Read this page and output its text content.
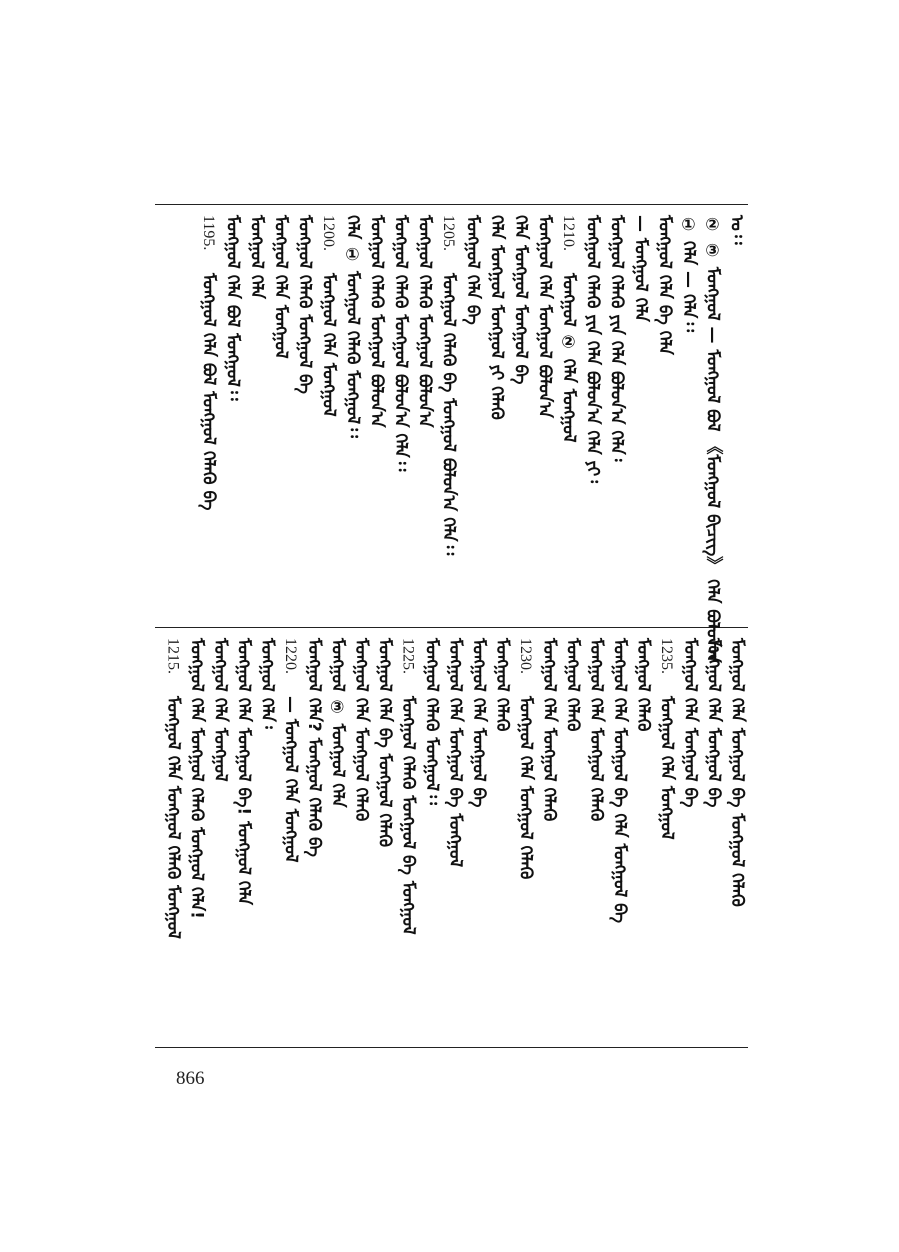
ᠣ᠄᠄
② ③ ᠮᠣᠩᠭᠣᠯ — ᠮᠣᠩᠭᠣᠯ ᠪᠣᠯ 《ᠮᠣᠩᠭᠣᠯ ᠪᠢᠴᠢᠭ》 ᠬᠡᠯᠡ ᠪᠣᠯᠤᠨ᠎ᠠ
① ᠬᠡᠯᠡ — ᠬᠡᠯᠡ᠄᠄
ᠮᠣᠩᠭᠣᠯ ᠬᠡᠯᠡ ᠪᠡ ᠬᠡᠯᠡ
— ᠮᠣᠩᠭᠣᠯ ᠬᠡᠯᠡ
ᠮᠣᠩᠭᠣᠯ ᠬᠡᠯᠡᠬᠦ ᠶᠢᠨ ᠬᠡᠯᠡ ᠪᠣᠯᠤᠨ᠎ᠠ ᠬᠡᠯᠡ᠄
ᠮᠣᠩᠭᠣᠯ ᠬᠡᠯᠡᠬᠦ ᠶᠢᠨ ᠬᠡᠯᠡ ᠪᠣᠯᠤᠨ᠎ᠠ ᠬᠡᠯᠡ ᠶᠢ᠄
1210.
ᠮᠣᠩᠭᠣᠯ ② ᠬᠡᠯᠡ ᠮᠣᠩᠭᠣᠯ
ᠮᠣᠩᠭᠣᠯ ᠬᠡᠯᠡ ᠮᠣᠩᠭᠣᠯ ᠪᠣᠯᠤᠨ᠎ᠠ
ᠬᠡᠯᠡ ᠮᠣᠩᠭᠣᠯ ᠮᠣᠩᠭᠣᠯ ᠪᠡ
ᠬᠡᠯᠡ ᠮᠣᠩᠭᠣᠯ ᠮᠣᠩᠭᠣᠯ ᠶᠢ ᠬᠡᠯᠡᠬᠦ
ᠮᠣᠩᠭᠣᠯ ᠬᠡᠯᠡ ᠪᠡ
1205.
ᠮᠣᠩᠭᠣᠯ ᠬᠡᠯᠡᠬᠦ ᠪᠡ ᠮᠣᠩᠭᠣᠯ ᠪᠣᠯᠤᠨ᠎ᠠ ᠬᠡᠯᠡ᠄᠄
ᠮᠣᠩᠭᠣᠯ ᠬᠡᠯᠡᠬᠦ ᠮᠣᠩᠭᠣᠯ ᠪᠣᠯᠤᠨ᠎ᠠ
ᠮᠣᠩᠭᠣᠯ ᠬᠡᠯᠡᠬᠦ ᠮᠣᠩᠭᠣᠯ ᠪᠣᠯᠤᠨ᠎ᠠ ᠬᠡᠯᠡ᠄᠄
ᠮᠣᠩᠭᠣᠯ ᠬᠡᠯᠡᠬᠦ ᠮᠣᠩᠭᠣᠯ ᠪᠣᠯᠤᠨ᠎ᠠ
ᠬᠡᠯᠡ ① ᠮᠣᠩᠭᠣᠯ ᠬᠡᠯᠡᠬᠦ ᠮᠣᠩᠭᠣᠯ᠄᠄
1200.
ᠮᠣᠩᠭᠣᠯ ᠬᠡᠯᠡ ᠮᠣᠩᠭᠣᠯ
ᠮᠣᠩᠭᠣᠯ ᠬᠡᠯᠡᠬᠦ ᠮᠣᠩᠭᠣᠯ ᠪᠡ
ᠮᠣᠩᠭᠣᠯ ᠬᠡᠯᠡ ᠮᠣᠩᠭᠣᠯ
ᠮᠣᠩᠭᠣᠯ ᠬᠡᠯᠡ
ᠮᠣᠩᠭᠣᠯ ᠬᠡᠯᠡ ᠪᠣᠯ ᠮᠣᠩᠭᠣᠯ᠄᠄
1195.
ᠮᠣᠩᠭᠣᠯ ᠬᠡᠯᠡ ᠪᠣᠯ ᠮᠣᠩᠭᠣᠯ ᠬᠡᠯᠡᠬᠦ ᠪᠡ
ᠮᠣᠩᠭᠣᠯ ᠬᠡᠯᠡ ᠮᠣᠩᠭᠣᠯ ᠪᠡ ᠮᠣᠩᠭᠣᠯ ᠬᠡᠯᠡᠬᠦ
ᠮᠣᠩᠭᠣᠯ ᠬᠡᠯᠡ ᠮᠣᠩᠭᠣᠯ ᠪᠡ
ᠮᠣᠩᠭᠣᠯ ᠬᠡᠯᠡ ᠮᠣᠩᠭᠣᠯ ᠪᠡ
1235.
ᠮᠣᠩᠭᠣᠯ ᠬᠡᠯᠡ ᠮᠣᠩᠭᠣᠯ
ᠮᠣᠩᠭᠣᠯ ᠬᠡᠯᠡᠬᠦ
ᠮᠣᠩᠭᠣᠯ ᠬᠡᠯᠡ ᠮᠣᠩᠭᠣᠯ ᠪᠡ ᠬᠡᠯᠡ ᠮᠣᠩᠭᠣᠯ ᠪᠡ
ᠮᠣᠩᠭᠣᠯ ᠬᠡᠯᠡ ᠮᠣᠩᠭᠣᠯ ᠬᠡᠯᠡᠬᠦ
ᠮᠣᠩᠭᠣᠯ ᠬᠡᠯᠡᠬᠦ
ᠮᠣᠩᠭᠣᠯ ᠬᠡᠯᠡ ᠮᠣᠩᠭᠣᠯ ᠬᠡᠯᠡᠬᠦ
1230.
ᠮᠣᠩᠭᠣᠯ ᠬᠡᠯᠡ ᠮᠣᠩᠭᠣᠯ ᠬᠡᠯᠡᠬᠦ
ᠮᠣᠩᠭᠣᠯ ᠬᠡᠯᠡᠬᠦ
ᠮᠣᠩᠭᠣᠯ ᠬᠡᠯᠡ ᠮᠣᠩᠭᠣᠯ ᠪᠡ
ᠮᠣᠩᠭᠣᠯ ᠬᠡᠯᠡ ᠮᠣᠩᠭᠣᠯ ᠪᠡ ᠮᠣᠩᠭᠣᠯ
ᠮᠣᠩᠭᠣᠯ ᠬᠡᠯᠡᠬᠦ ᠮᠣᠩᠭᠣᠯ᠄᠄
1225.
ᠮᠣᠩᠭᠣᠯ ᠬᠡᠯᠡᠬᠦ ᠮᠣᠩᠭᠣᠯ ᠪᠡ ᠮᠣᠩᠭᠣᠯ
ᠮᠣᠩᠭᠣᠯ ᠬᠡᠯᠡ ᠪᠡ ᠮᠣᠩᠭᠣᠯ ᠬᠡᠯᠡᠬᠦ
ᠮᠣᠩᠭᠣᠯ ᠬᠡᠯᠡ ᠮᠣᠩᠭᠣᠯ ᠬᠡᠯᠡᠬᠦ
ᠮᠣᠩᠭᠣᠯ ③ ᠮᠣᠩᠭᠣᠯ ᠬᠡᠯᠡ
ᠮᠣᠩᠭᠣᠯ ᠬᠡᠯᠡ? ᠮᠣᠩᠭᠣᠯ ᠬᠡᠯᠡᠬᠦ ᠪᠡ
1220.
— ᠮᠣᠩᠭᠣᠯ ᠬᠡᠯᠡ ᠮᠣᠩᠭᠣᠯ
ᠮᠣᠩᠭᠣᠯ ᠬᠡᠯᠡ᠄
ᠮᠣᠩᠭᠣᠯ ᠬᠡᠯᠡ ᠮᠣᠩᠭᠣᠯ ᠪᠡ! ᠮᠣᠩᠭᠣᠯ ᠬᠡᠯᠡ
ᠮᠣᠩᠭᠣᠯ ᠬᠡᠯᠡ ᠮᠣᠩᠭᠣᠯ
ᠮᠣᠩᠭᠣᠯ ᠬᠡᠯᠡ ᠮᠣᠩᠭᠣᠯ ᠬᠡᠯᠡᠬᠦ ᠮᠣᠩᠭᠣᠯ ᠬᠡᠯᠡ!
1215.
ᠮᠣᠩᠭᠣᠯ ᠬᠡᠯᠡ ᠮᠣᠩᠭᠣᠯ ᠬᠡᠯᠡᠬᠦ ᠮᠣᠩᠭᠣᠯ
866
